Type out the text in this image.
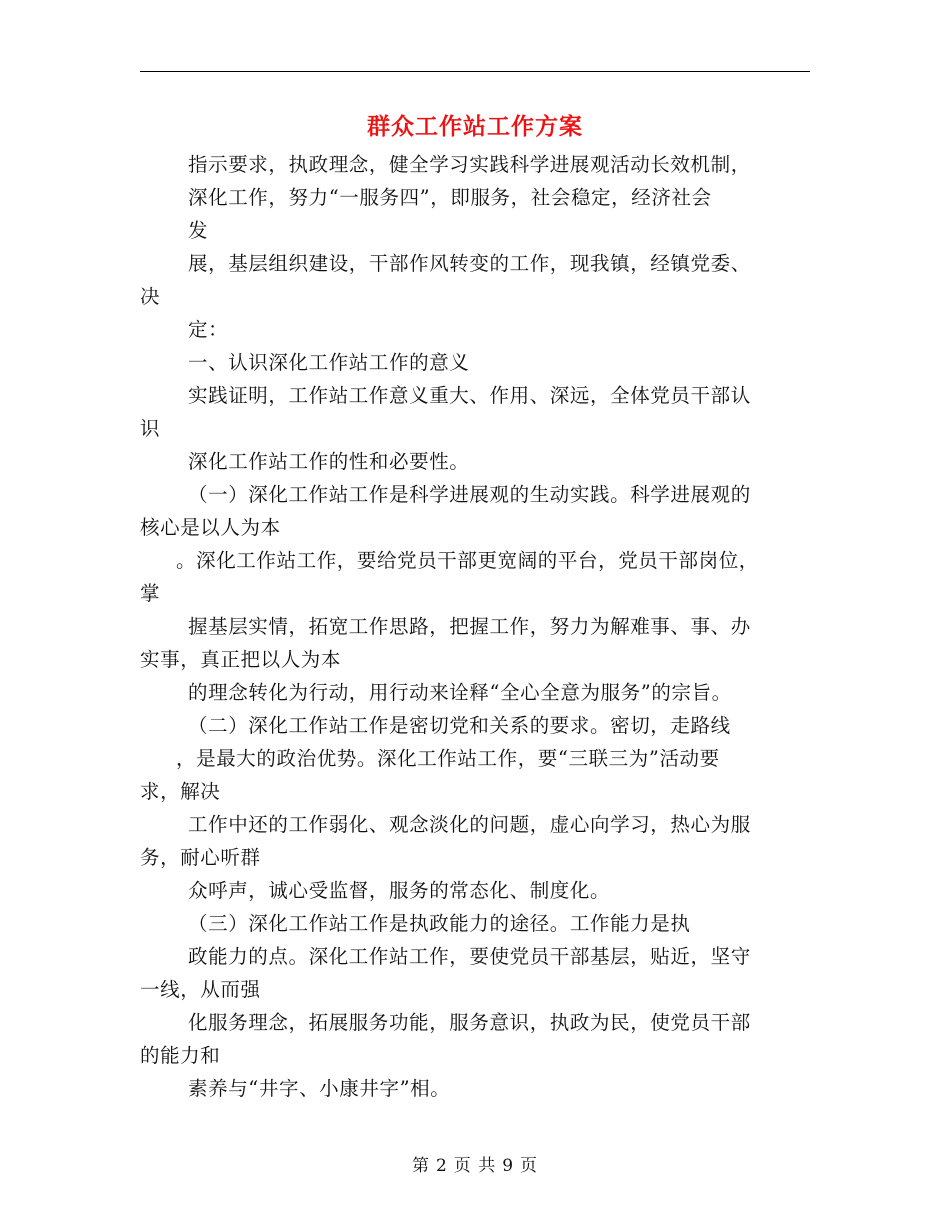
群众工作站工作方案
指示要求，执政理念，健全学习实践科学进展观活动长效机制，
深化工作，努力“一服务四”，即服务，社会稳定，经济社会
发
展，基层组织建设，干部作风转变的工作，现我镇，经镇党委、
决
定：
一、认识深化工作站工作的意义
实践证明，工作站工作意义重大、作用、深远，全体党员干部认
识
深化工作站工作的性和必要性。
（一）深化工作站工作是科学进展观的生动实践。科学进展观的
核心是以人为本
。深化工作站工作，要给党员干部更宽阔的平台，党员干部岗位，
掌
握基层实情，拓宽工作思路，把握工作，努力为解难事、事、办
实事，真正把以人为本
的理念转化为行动，用行动来诠释“全心全意为服务”的宗旨。
（二）深化工作站工作是密切党和关系的要求。密切，走路线
，是最大的政治优势。深化工作站工作，要“三联三为”活动要
求，解决
工作中还的工作弱化、观念淡化的问题，虚心向学习，热心为服
务，耐心听群
众呼声，诚心受监督，服务的常态化、制度化。
（三）深化工作站工作是执政能力的途径。工作能力是执
政能力的点。深化工作站工作，要使党员干部基层，贴近，坚守
一线，从而强
化服务理念，拓展服务功能，服务意识，执政为民，使党员干部
的能力和
素养与“井字、小康井字”相。
第 2 页 共 9 页
